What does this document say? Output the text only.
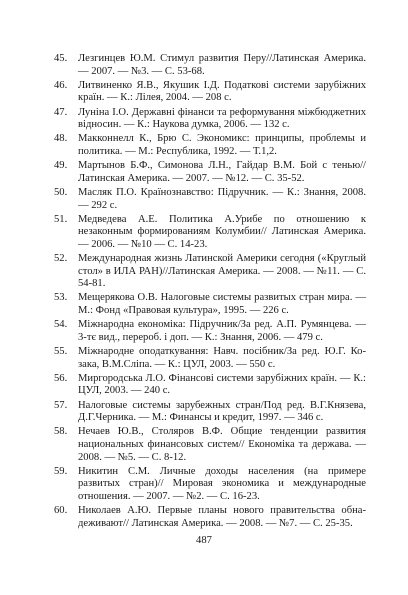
45. Лезгинцев Ю.М. Стимул развития Перу//Латинская Америка. — 2007. — №3. — С. 53-68.
46. Литвиненко Я.В., Якушик І.Д. Податкові системи зарубіжних країн. — К.: Лілея, 2004. — 208 с.
47. Лунiна І.О. Державні фінанси та реформування міжбюджетних відносин. — К.: Наукова думка, 2006. — 132 с.
48. Макконнелл К., Брю С. Экономикс: принципы, проблемы и политика. — М.: Республика, 1992. — Т.1,2.
49. Мартынов Б.Ф., Симонова Л.Н., Гайдар В.М. Бой с тенью// Латинская Америка. — 2007. — №12. — С. 35-52.
50. Масляк П.О. Країнознавство: Підручник. — К.: Знання, 2008. — 292 с.
51. Медведева А.Е. Политика А.Урибе по отношению к незаконным формированиям Колумбии// Латинская Америка. — 2006. — №10 — С. 14-23.
52. Международная жизнь Латинской Америки сегодня («Круглый стол» в ИЛА РАН)//Латинская Америка. — 2008. — №11. — С. 54-81.
53. Мещерякова О.В. Налоговые системы развитых стран мира. — М.: Фонд «Правовая культура», 1995. — 226 с.
54. Міжнародна економіка: Підручник/За ред. А.П. Румянцева. — 3-тє вид., перероб. і доп. — К.: Знання, 2006. — 479 с.
55. Міжнародне оподаткування: Навч. посібник/За ред. Ю.Г. Козака, В.М.Сліпа. — К.: ЦУЛ, 2003. — 550 с.
56. Миргородська Л.О. Фінансові системи зарубіжних країн. — К.: ЦУЛ, 2003. — 240 с.
57. Налоговые системы зарубежных стран/Под ред. В.Г.Князева, Д.Г.Черника. — М.: Финансы и кредит, 1997. — 346 с.
58. Нечаев Ю.В., Столяров В.Ф. Общие тенденции развития национальных финансовых систем// Економіка та держава. — 2008. — №5. — С. 8-12.
59. Никитин С.М. Личные доходы населения (на примере развитых стран)// Мировая экономика и международные отношения. — 2007. — №2. — С. 16-23.
60. Николаев А.Ю. Первые планы нового правительства обнадеживают// Латинская Америка. — 2008. — №7. — С. 25-35.
487
